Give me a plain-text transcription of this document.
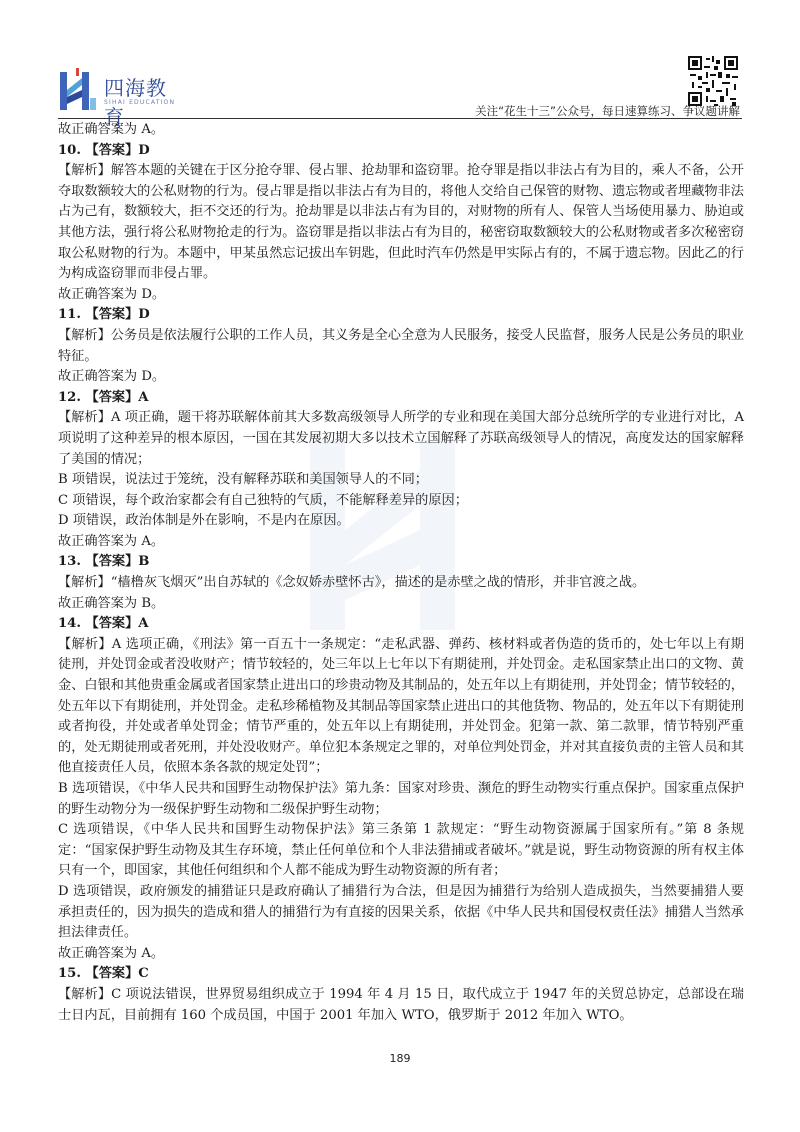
四海教育
SIHAI EDUCATION
关注“花生十三”公众号，每日速算练习、争议题讲解

故正确答案为 A。

10. 【答案】D

【解析】解答本题的关键在于区分抢夺罪、侵占罪、抢劫罪和盗窃罪。抢夺罪是指以非法占有为目的，乘人不备，公开夺取数额较大的公私财物的行为。侵占罪是指以非法占有为目的，将他人交给自己保管的财物、遗忘物或者埋藏物非法占为己有，数额较大，拒不交还的行为。抢劫罪是以非法占有为目的，对财物的所有人、保管人当场使用暴力、胁迫或其他方法，强行将公私财物抢走的行为。盗窃罪是指以非法占有为目的，秘密窃取数额较大的公私财物或者多次秘密窃取公私财物的行为。本题中，甲某虽然忘记拔出车钥匙，但此时汽车仍然是甲实际占有的，不属于遗忘物。因此乙的行为构成盗窃罪而非侵占罪。

故正确答案为 D。

11. 【答案】D

【解析】公务员是依法履行公职的工作人员，其义务是全心全意为人民服务，接受人民监督，服务人民是公务员的职业特征。

故正确答案为 D。

12. 【答案】A

【解析】A 项正确，题干将苏联解体前其大多数高级领导人所学的专业和现在美国大部分总统所学的专业进行对比，A 项说明了这种差异的根本原因，一国在其发展初期大多以技术立国解释了苏联高级领导人的情况，高度发达的国家解释了美国的情况；

B 项错误，说法过于笼统，没有解释苏联和美国领导人的不同；

C 项错误，每个政治家都会有自己独特的气质，不能解释差异的原因；

D 项错误，政治体制是外在影响，不是内在原因。

故正确答案为 A。

13. 【答案】B

【解析】“樯橹灰飞烟灭”出自苏轼的《念奴娇赤壁怀古》，描述的是赤壁之战的情形，并非官渡之战。

故正确答案为 B。

14. 【答案】A

【解析】A 选项正确，《刑法》第一百五十一条规定：“走私武器、弹药、核材料或者伪造的货币的，处七年以上有期徒刑，并处罚金或者没收财产；情节较轻的，处三年以上七年以下有期徒刑，并处罚金。走私国家禁止出口的文物、黄金、白银和其他贵重金属或者国家禁止进出口的珍贵动物及其制品的，处五年以上有期徒刑，并处罚金；情节较轻的，处五年以下有期徒刑，并处罚金。走私珍稀植物及其制品等国家禁止进出口的其他货物、物品的，处五年以下有期徒刑或者拘役，并处或者单处罚金；情节严重的，处五年以上有期徒刑，并处罚金。犯第一款、第二款罪，情节特别严重的，处无期徒刑或者死刑，并处没收财产。单位犯本条规定之罪的，对单位判处罚金，并对其直接负责的主管人员和其他直接责任人员，依照本条各款的规定处罚”；

B 选项错误，《中华人民共和国野生动物保护法》第九条：国家对珍贵、濒危的野生动物实行重点保护。国家重点保护的野生动物分为一级保护野生动物和二级保护野生动物；

C 选项错误，《中华人民共和国野生动物保护法》第三条第 1 款规定：“野生动物资源属于国家所有。”第 8 条规定：“国家保护野生动物及其生存环境，禁止任何单位和个人非法猎捕或者破坏。”就是说，野生动物资源的所有权主体只有一个，即国家，其他任何组织和个人都不能成为野生动物资源的所有者；

D 选项错误，政府颁发的捕猎证只是政府确认了捕猎行为合法，但是因为捕猎行为给别人造成损失，当然要捕猎人要承担责任的，因为损失的造成和猎人的捕猎行为有直接的因果关系，依据《中华人民共和国侵权责任法》捕猎人当然承担法律责任。

故正确答案为 A。

15. 【答案】C

【解析】C 项说法错误，世界贸易组织成立于 1994 年 4 月 15 日，取代成立于 1947 年的关贸总协定，总部设在瑞士日内瓦，目前拥有 160 个成员国，中国于 2001 年加入 WTO，俄罗斯于 2012 年加入 WTO。

189
